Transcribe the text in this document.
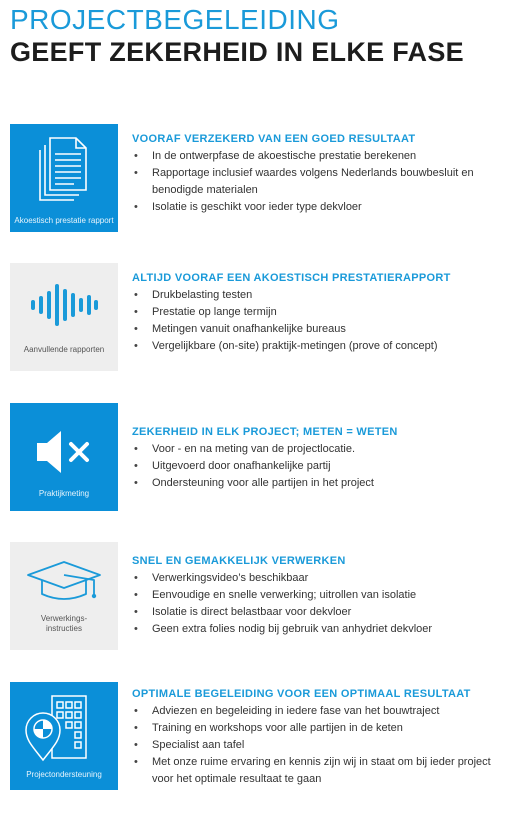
PROJECTBEGELEIDING
GEEFT ZEKERHEID IN ELKE FASE
Akoestisch prestatie rapport
VOORAF VERZEKERD VAN EEN GOED RESULTAAT
• In de ontwerpfase de akoestische prestatie berekenen
• Rapportage inclusief waardes volgens Nederlands bouwbesluit en benodigde materialen
• Isolatie is geschikt voor ieder type dekvloer
Aanvullende rapporten
ALTIJD VOORAF EEN AKOESTISCH PRESTATIERAPPORT
• Drukbelasting testen
• Prestatie op lange termijn
• Metingen vanuit onafhankelijke bureaus
• Vergelijkbare (on-site) praktijk-metingen (prove of concept)
Praktijkmeting
ZEKERHEID IN ELK PROJECT; METEN = WETEN
• Voor - en na meting van de projectlocatie.
• Uitgevoerd door onafhankelijke partij
• Ondersteuning voor alle partijen in het project
Verwerkings- instructies
SNEL EN GEMAKKELIJK VERWERKEN
• Verwerkingsvideo’s beschikbaar
• Eenvoudige en snelle verwerking; uitrollen van isolatie
• Isolatie is direct belastbaar voor dekvloer
• Geen extra folies nodig bij gebruik van anhydriet dekvloer
Projectondersteuning
OPTIMALE BEGELEIDING VOOR EEN OPTIMAAL RESULTAAT
• Adviezen en begeleiding in iedere fase van het bouwtraject
• Training en workshops voor alle partijen in de keten
• Specialist aan tafel
• Met onze ruime ervaring en kennis zijn wij in staat om bij ieder project voor het optimale resultaat te gaan
